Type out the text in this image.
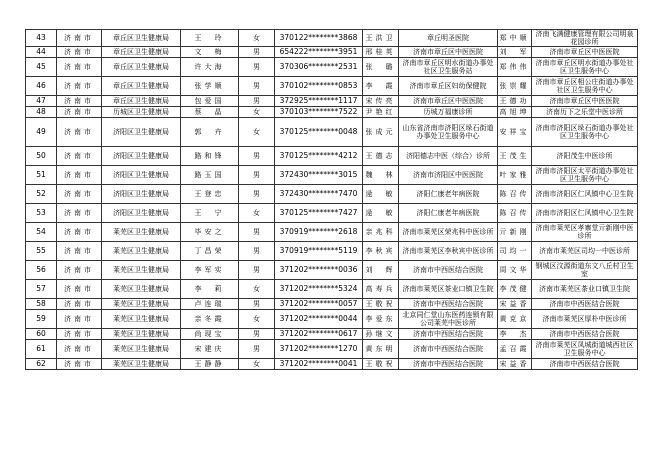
43	济南市	章丘区卫生健康局	王　玲	女	370122********3868	王洪卫	章丘明圣医院	郑中顺	济南飞满健康管理有限公司明泉花园诊所
44	济南市	章丘区卫生健康局	文　梅	男	654222********3951	邢桂英	济南市章丘区中医医院	刘　军	济南市章丘区中医医院
45	济南市	章丘区卫生健康局	许大海	男	370306********2531	张　璐	济南市章丘区明水街道办事处社区卫生服务站	郑伟伟	济南市章丘区明水街道办事处社区卫生服务中心
46	济南市	章丘区卫生健康局	张学顺	男	370102********0853	李　霞	济南市章丘区妇幼保健院	张崇耀	济南市章丘区相公庄街道办事处社区卫生服务中心
47	济南市	章丘区卫生健康局	包爱国	男	372925********1117	宋传亮	济南市章丘区中医医院	王德功	济南市章丘区中医医院
48	济南市	历城区卫生健康局	蔡　晶	女	370103********7522	尹艳红	历城万福康诊所	高旭坤	济南历下之乐堂中医诊所
49	济南市	济阳区卫生健康局	郭　卉	女	370125********0048	张成元	山东省济南市济阳区垛石街道办事处卫生服务中心	安祥宝	济南市济阳区垛石街道办事处社区卫生服务中心
50	济南市	济阳区卫生健康局	路和锋	男	370125********4212	王德志	济阳德志中医（综合）诊所	王茂生	济阳茂生中医诊所
51	济南市	济阳区卫生健康局	路玉国	男	372430********3015	魏　林	济南市济阳区中医医院	叶家雅	济南市济阳区太平街道办事处社区卫生服务中心
52	济南市	济阳区卫生健康局	王登忠	男	372430********7470	逯　敏	济阳仁康老年病医院	陈召传	济南市济阳区仁风镇中心卫生院
53	济南市	济阳区卫生健康局	王　宁	女	370125********7427	逯　敏	济阳仁康老年病医院	陈召传	济南市济阳区仁风镇中心卫生院
54	济南市	莱芜区卫生健康局	毕安之	男	370919********2618	亲兆科	济南市莱芜区荣兆科中医诊所	亓新刚	济南市莱芜区孝寨堂亓新刚中医诊所
55	济南市	莱芜区卫生健康局	丁昌荣	男	370919********5119	李秋宾	济南市莱芜区李秋宾中医诊所	司均一	济南市莱芜区司均一中医诊所
56	济南市	莱芜区卫生健康局	李军实	男	371202********0036	刘　辉	济南市中西医结合医院	周文华	钢城区汶源街道东文八丘村卫生室
57	济南市	莱芜区卫生健康局	李　莉	女	371202********5324	高寿兵	济南市莱芜区茶业口镇卫生院	李茂健	济南市莱芜区茶业口镇卫生院
58	济南市	莱芜区卫生健康局	卢连瑞	男	371202********0057	王敬祝	济南市中西医结合医院	宋益香	济南市中西医结合医院
59	济南市	莱芜区卫生健康局	亲冬霞	女	371202********0044	李爱东	北京同仁堂山东医药连锁有限公司莱芜中医诊所	黄克京	济南市莱芜区厚朴中医诊所
60	济南市	莱芜区卫生健康局	尚现宝	男	371202********0617	孙继文	济南市中西医结合医院	李　杰	济南市中西医结合医院
61	济南市	莱芜区卫生健康局	宋建庆	男	371202********1270	黄东明	济南市中西医结合医院	孟召霞	济南市莱芜区凤城街道城西社区卫生服务中心
62	济南市	莱芜区卫生健康局	王静静	女	371202********0041	王敬祝	济南市中西医结合医院	宋益香	济南市中西医结合医院
